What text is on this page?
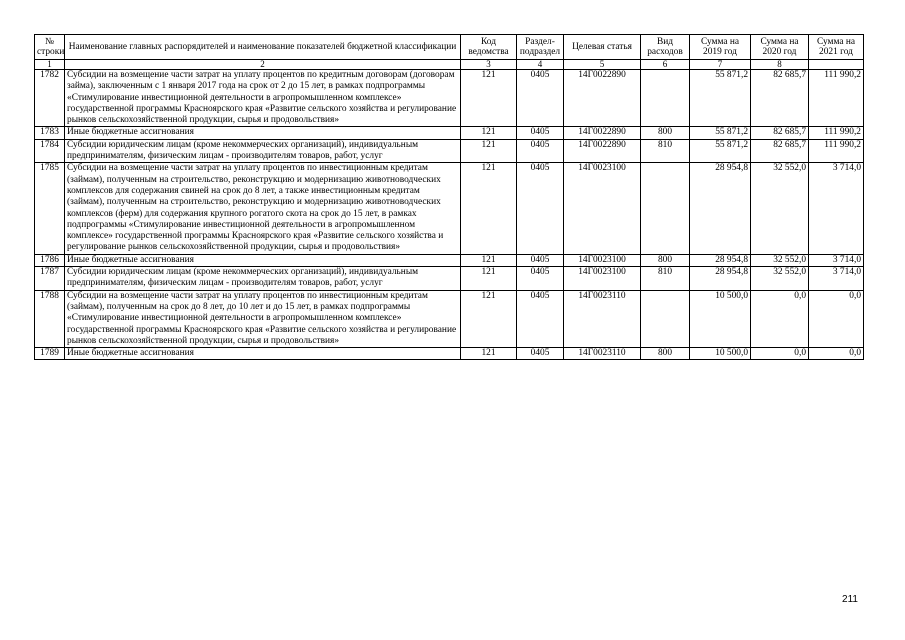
№ строки	Наименование главных распорядителей и наименование показателей бюджетной классификации	Код ведомства	Раздел-подраздел	Целевая статья	Вид расходов	Сумма на 2019 год	Сумма на 2020 год	Сумма на 2021 год
1	2	3	4	5	6	7	8	
1782	Субсидии на возмещение части затрат на уплату процентов по кредитным договорам (договорам займа), заключенным с 1 января 2017 года на срок от 2 до 15 лет, в рамках подпрограммы «Стимулирование инвестиционной деятельности в агропромышленном комплексе» государственной программы Красноярского края «Развитие сельского хозяйства и регулирование рынков сельскохозяйственной продукции, сырья и продовольствия»	121	0405	14Г0022890		55 871,2	82 685,7	111 990,2
1783	Иные бюджетные ассигнования	121	0405	14Г0022890	800	55 871,2	82 685,7	111 990,2
1784	Субсидии юридическим лицам (кроме некоммерческих организаций), индивидуальным предпринимателям, физическим лицам - производителям товаров, работ, услуг	121	0405	14Г0022890	810	55 871,2	82 685,7	111 990,2
1785	Субсидии на возмещение части затрат на уплату процентов по инвестиционным кредитам (займам), полученным на строительство, реконструкцию и модернизацию животноводческих комплексов для содержания свиней на срок до 8 лет, а также инвестиционным кредитам (займам), полученным на строительство, реконструкцию и модернизацию животноводческих комплексов (ферм) для содержания крупного рогатого скота на срок до 15 лет, в рамках подпрограммы «Стимулирование инвестиционной деятельности в агропромышленном комплексе» государственной программы Красноярского края «Развитие сельского хозяйства и регулирование рынков сельскохозяйственной продукции, сырья и продовольствия»	121	0405	14Г0023100		28 954,8	32 552,0	3 714,0
1786	Иные бюджетные ассигнования	121	0405	14Г0023100	800	28 954,8	32 552,0	3 714,0
1787	Субсидии юридическим лицам (кроме некоммерческих организаций), индивидуальным предпринимателям, физическим лицам - производителям товаров, работ, услуг	121	0405	14Г0023100	810	28 954,8	32 552,0	3 714,0
1788	Субсидии на возмещение части затрат на уплату процентов по инвестиционным кредитам (займам), полученным на срок до 8 лет, до 10 лет и до 15 лет, в рамках подпрограммы «Стимулирование инвестиционной деятельности в агропромышленном комплексе» государственной программы Красноярского края «Развитие сельского хозяйства и регулирование рынков сельскохозяйственной продукции, сырья и продовольствия»	121	0405	14Г0023110		10 500,0	0,0	0,0
1789	Иные бюджетные ассигнования	121	0405	14Г0023110	800	10 500,0	0,0	0,0
211
